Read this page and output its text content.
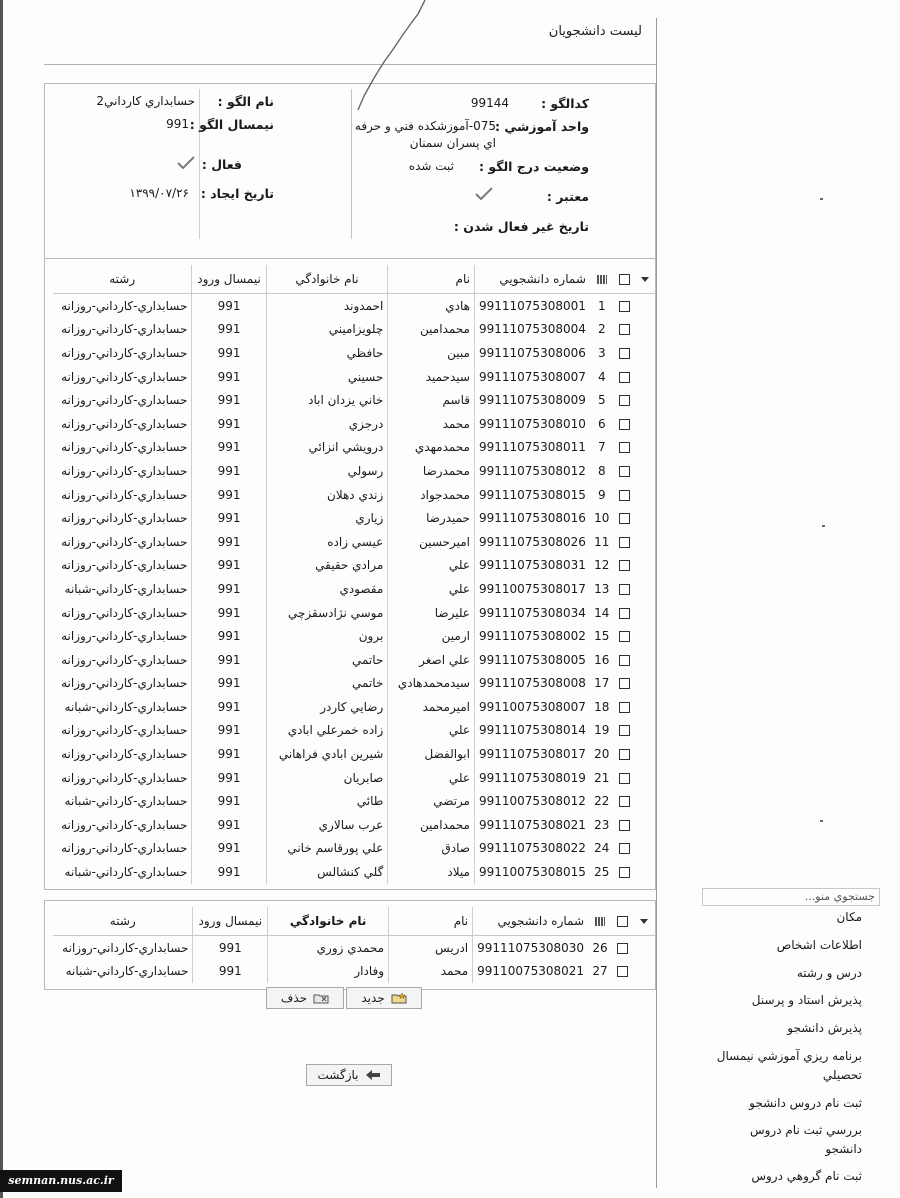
ليست دانشجويان
كدالگو :
99144
واحد آموزشي :
075-آموزشكده فني و حرفه
اي پسران سمنان
وضعيت درج الگو :
ثبت شده
معتبر :
تاريخ غير فعال شدن :
نام الگو :
حسابداري كارداني2
نيمسال الگو :
991
فعال :
تاريخ ايجاد :
۱۳۹۹/۰۷/۲۶
			شماره دانشجويي	نام	نام خانوادگي	نيمسال ورود	رشته
		1	99111075308001	هادي	احمدوند	991	حسابداري-كارداني-روزانه
		2	99111075308004	محمدامين	چلويزاميني	991	حسابداري-كارداني-روزانه
		3	99111075308006	مبين	حافظي	991	حسابداري-كارداني-روزانه
		4	99111075308007	سيدحميد	حسيني	991	حسابداري-كارداني-روزانه
		5	99111075308009	قاسم	خاني يزدان اباد	991	حسابداري-كارداني-روزانه
		6	99111075308010	محمد	درجزي	991	حسابداري-كارداني-روزانه
		7	99111075308011	محمدمهدي	درويشي انزائي	991	حسابداري-كارداني-روزانه
		8	99111075308012	محمدرضا	رسولي	991	حسابداري-كارداني-روزانه
		9	99111075308015	محمدجواد	زندي دهلان	991	حسابداري-كارداني-روزانه
		10	99111075308016	حميدرضا	زياري	991	حسابداري-كارداني-روزانه
		11	99111075308026	اميرحسين	عيسي زاده	991	حسابداري-كارداني-روزانه
		12	99111075308031	علي	مرادي حقيقي	991	حسابداري-كارداني-روزانه
		13	99110075308017	علي	مقصودي	991	حسابداري-كارداني-شبانه
		14	99111075308034	عليرضا	موسي نژادسقزچي	991	حسابداري-كارداني-روزانه
		15	99111075308002	ارمين	برون	991	حسابداري-كارداني-روزانه
		16	99111075308005	علي اصغر	حاتمي	991	حسابداري-كارداني-روزانه
		17	99111075308008	سيدمحمدهادي	خاتمي	991	حسابداري-كارداني-روزانه
		18	99110075308007	اميرمحمد	رضايي كاردر	991	حسابداري-كارداني-شبانه
		19	99111075308014	علي	زاده خمرعلي ابادي	991	حسابداري-كارداني-روزانه
		20	99111075308017	ابوالفضل	شيرين ابادي فراهاني	991	حسابداري-كارداني-روزانه
		21	99111075308019	علي	صابريان	991	حسابداري-كارداني-روزانه
		22	99110075308012	مرتضي	طائي	991	حسابداري-كارداني-شبانه
		23	99111075308021	محمدامين	عرب سالاري	991	حسابداري-كارداني-روزانه
		24	99111075308022	صادق	علي پورقاسم خاني	991	حسابداري-كارداني-روزانه
		25	99110075308015	ميلاد	گلي كنشالس	991	حسابداري-كارداني-شبانه
			شماره دانشجويي	نام	نام خانوادگي	نيمسال ورود	رشته
		26	99111075308030	ادريس	محمدي زوري	991	حسابداري-كارداني-روزانه
		27	99110075308021	محمد	وفادار	991	حسابداري-كارداني-شبانه
جديد
حذف
بازگشت
جستجوي منو...
مكان
اطلاعات اشخاص
درس و رشته
پذيرش استاد و پرسنل
پذيرش دانشجو
برنامه ريزي آموزشي نيمسال تحصيلي
ثبت نام دروس دانشجو
بررسي ثبت نام دروس دانشجو
ثبت نام گروهي دروس
semnan.nus.ac.ir
